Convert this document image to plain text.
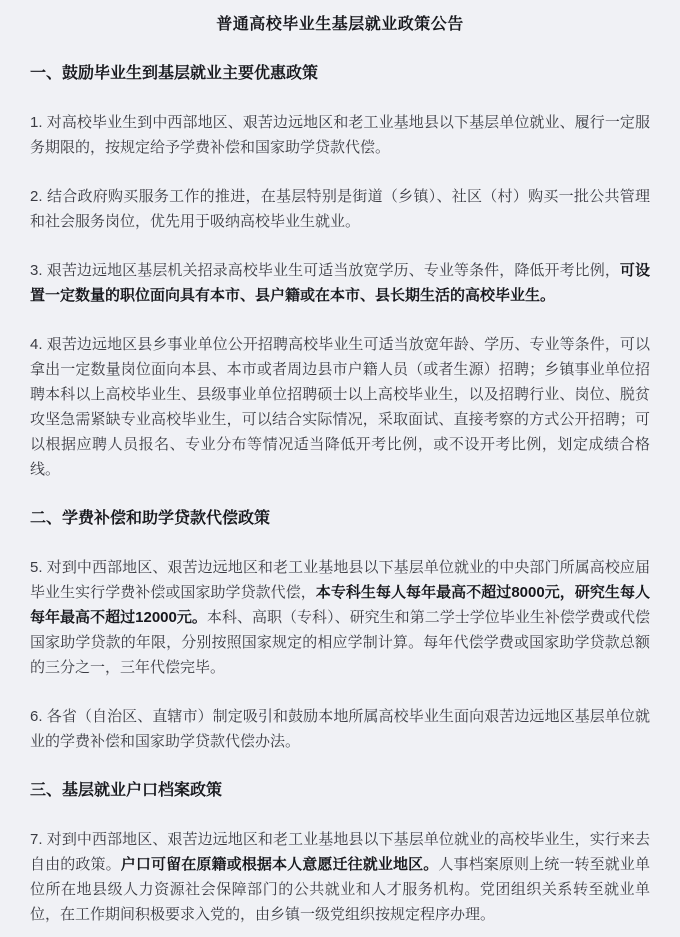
普通高校毕业生基层就业政策公告
一、鼓励毕业生到基层就业主要优惠政策

1. 对高校毕业生到中西部地区、艰苦边远地区和老工业基地县以下基层单位就业、履行一定服务期限的，按规定给予学费补偿和国家助学贷款代偿。

2. 结合政府购买服务工作的推进，在基层特别是街道（乡镇）、社区（村）购买一批公共管理和社会服务岗位，优先用于吸纳高校毕业生就业。

3. 艰苦边远地区基层机关招录高校毕业生可适当放宽学历、专业等条件，降低开考比例，可设置一定数量的职位面向具有本市、县户籍或在本市、县长期生活的高校毕业生。

4. 艰苦边远地区县乡事业单位公开招聘高校毕业生可适当放宽年龄、学历、专业等条件，可以拿出一定数量岗位面向本县、本市或者周边县市户籍人员（或者生源）招聘；乡镇事业单位招聘本科以上高校毕业生、县级事业单位招聘硕士以上高校毕业生，以及招聘行业、岗位、脱贫攻坚急需紧缺专业高校毕业生，可以结合实际情况，采取面试、直接考察的方式公开招聘；可以根据应聘人员报名、专业分布等情况适当降低开考比例，或不设开考比例，划定成绩合格线。

二、学费补偿和助学贷款代偿政策

5. 对到中西部地区、艰苦边远地区和老工业基地县以下基层单位就业的中央部门所属高校应届毕业生实行学费补偿或国家助学贷款代偿，本专科生每人每年最高不超过8000元，研究生每人每年最高不超过12000元。本科、高职（专科）、研究生和第二学士学位毕业生补偿学费或代偿国家助学贷款的年限，分别按照国家规定的相应学制计算。每年代偿学费或国家助学贷款总额的三分之一，三年代偿完毕。

6. 各省（自治区、直辖市）制定吸引和鼓励本地所属高校毕业生面向艰苦边远地区基层单位就业的学费补偿和国家助学贷款代偿办法。

三、基层就业户口档案政策

7. 对到中西部地区、艰苦边远地区和老工业基地县以下基层单位就业的高校毕业生，实行来去自由的政策。户口可留在原籍或根据本人意愿迁往就业地区。人事档案原则上统一转至就业单位所在地县级人力资源社会保障部门的公共就业和人才服务机构。党团组织关系转至就业单位，在工作期间积极要求入党的，由乡镇一级党组织按规定程序办理。
